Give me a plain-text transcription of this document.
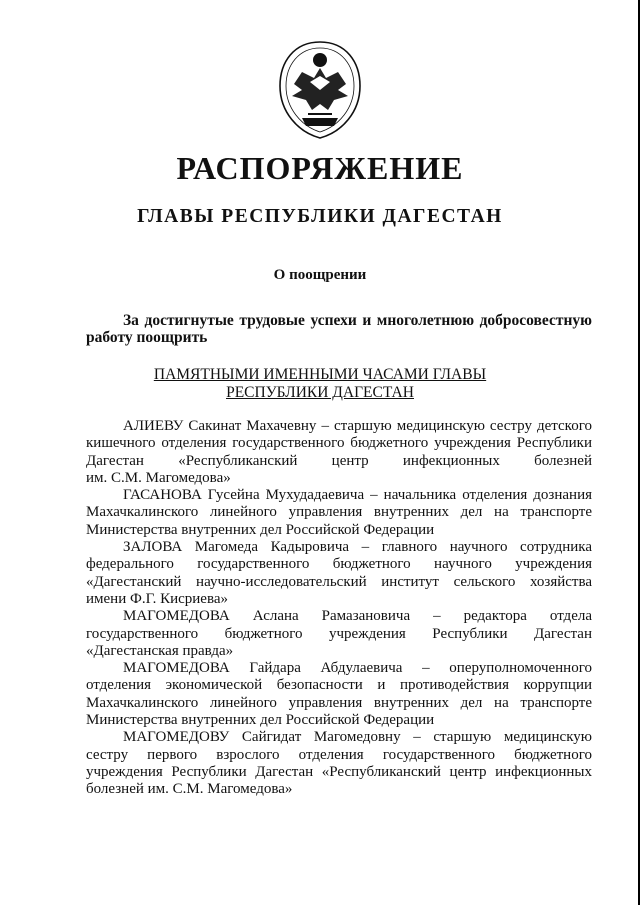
РАСПОРЯЖЕНИЕ
ГЛАВЫ РЕСПУБЛИКИ ДАГЕСТАН
О поощрении
За достигнутые трудовые успехи и многолетнюю добросовестную
работу поощрить
ПАМЯТНЫМИ ИМЕННЫМИ ЧАСАМИ ГЛАВЫ
РЕСПУБЛИКИ ДАГЕСТАН

АЛИЕВУ Сакинат Махачевну – старшую медицинскую сестру детского
кишечного отделения государственного бюджетного учреждения Республики
Дагестан «Республиканский центр инфекционных болезней
им. С.М. Магомедова»

ГАСАНОВА Гусейна Мухудадаевича – начальника отделения дознания
Махачкалинского линейного управления внутренних дел на транспорте
Министерства внутренних дел Российской Федерации

ЗАЛОВА Магомеда Кадыровича – главного научного сотрудника
федерального государственного бюджетного научного учреждения
«Дагестанский научно-исследовательский институт сельского хозяйства
имени Ф.Г. Кисриева»

МАГОМЕДОВА Аслана Рамазановича – редактора отдела
государственного бюджетного учреждения Республики Дагестан
«Дагестанская правда»

МАГОМЕДОВА Гайдара Абдулаевича – оперуполномоченного
отделения экономической безопасности и противодействия коррупции
Махачкалинского линейного управления внутренних дел на транспорте
Министерства внутренних дел Российской Федерации

МАГОМЕДОВУ Сайгидат Магомедовну – старшую медицинскую
сестру первого взрослого отделения государственного бюджетного
учреждения Республики Дагестан «Республиканский центр инфекционных
болезней им. С.М. Магомедова»
